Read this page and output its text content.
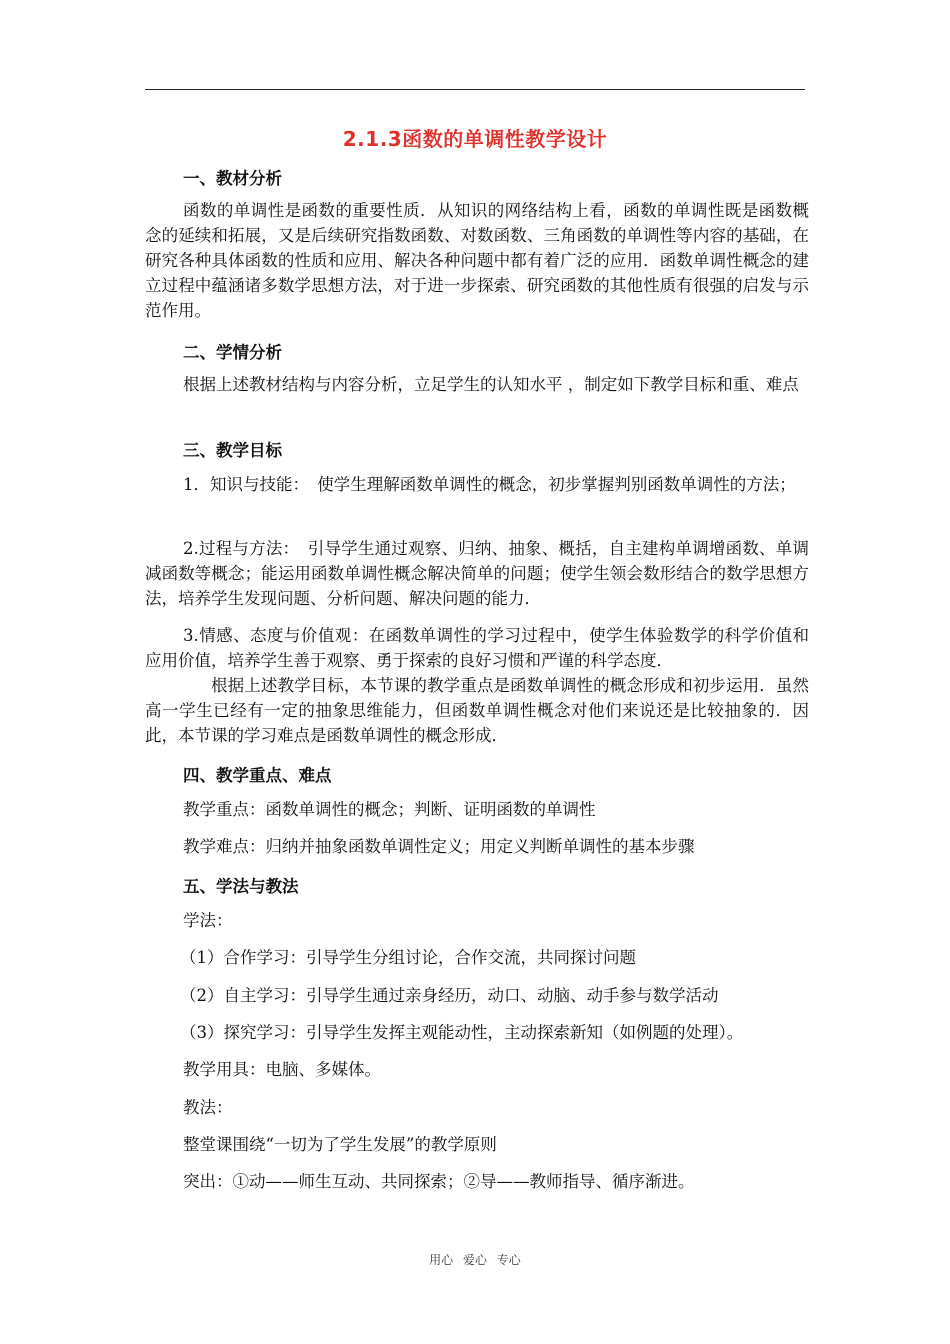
2.1.3函数的单调性教学设计
一、教材分析
函数的单调性是函数的重要性质．从知识的网络结构上看，函数的单调性既是函数概念的延续和拓展，又是后续研究指数函数、对数函数、三角函数的单调性等内容的基础，在研究各种具体函数的性质和应用、解决各种问题中都有着广泛的应用．函数单调性概念的建立过程中蕴涵诸多数学思想方法，对于进一步探索、研究函数的其他性质有很强的启发与示范作用。
二、学情分析
根据上述教材结构与内容分析，立足学生的认知水平 ，制定如下教学目标和重、难点
三、教学目标
1．知识与技能：　使学生理解函数单调性的概念，初步掌握判别函数单调性的方法；
2.过程与方法：　引导学生通过观察、归纳、抽象、概括，自主建构单调增函数、单调减函数等概念；能运用函数单调性概念解决简单的问题；使学生领会数形结合的数学思想方法，培养学生发现问题、分析问题、解决问题的能力．
3.情感、态度与价值观：在函数单调性的学习过程中，使学生体验数学的科学价值和应用价值，培养学生善于观察、勇于探索的良好习惯和严谨的科学态度．
根据上述教学目标，本节课的教学重点是函数单调性的概念形成和初步运用．虽然高一学生已经有一定的抽象思维能力，但函数单调性概念对他们来说还是比较抽象的．因此，本节课的学习难点是函数单调性的概念形成．
四、教学重点、难点
教学重点：函数单调性的概念；判断、证明函数的单调性
教学难点：归纳并抽象函数单调性定义；用定义判断单调性的基本步骤
五、学法与教法
学法：
（1）合作学习：引导学生分组讨论，合作交流，共同探讨问题
（2）自主学习：引导学生通过亲身经历，动口、动脑、动手参与数学活动
（3）探究学习：引导学生发挥主观能动性，主动探索新知（如例题的处理）。
教学用具：电脑、多媒体。
教法：
整堂课围绕“一切为了学生发展”的教学原则
突出：①动——师生互动、共同探索；②导——教师指导、循序渐进。
用心 爱心 专心
